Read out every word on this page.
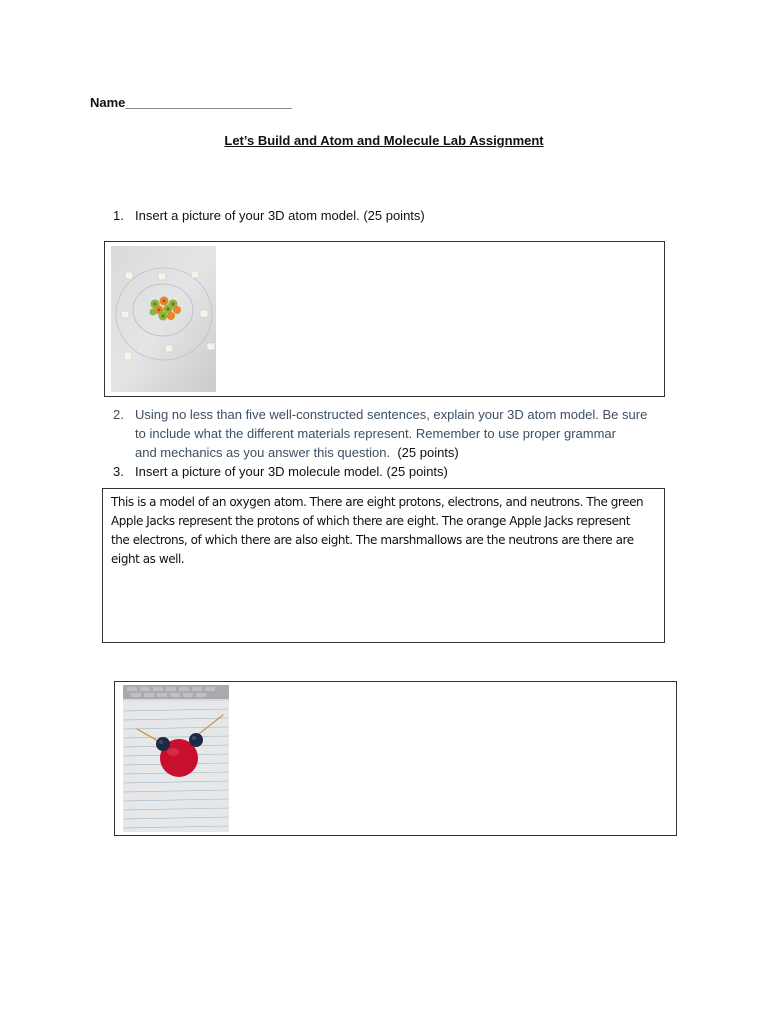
Name_______________________
Let’s Build and Atom and Molecule Lab Assignment
1. Insert a picture of your 3D atom model. (25 points)
2. Using no less than five well-constructed sentences, explain your 3D atom model. Be sure
to include what the different materials represent. Remember to use proper grammar
and mechanics as you answer this question. (25 points)
3. Insert a picture of your 3D molecule model. (25 points)
This is a model of an oxygen atom. There are eight protons, electrons, and neutrons. The green
Apple Jacks represent the protons of which there are eight. The orange Apple Jacks represent
the electrons, of which there are also eight. The marshmallows are the neutrons are there are
eight as well.
